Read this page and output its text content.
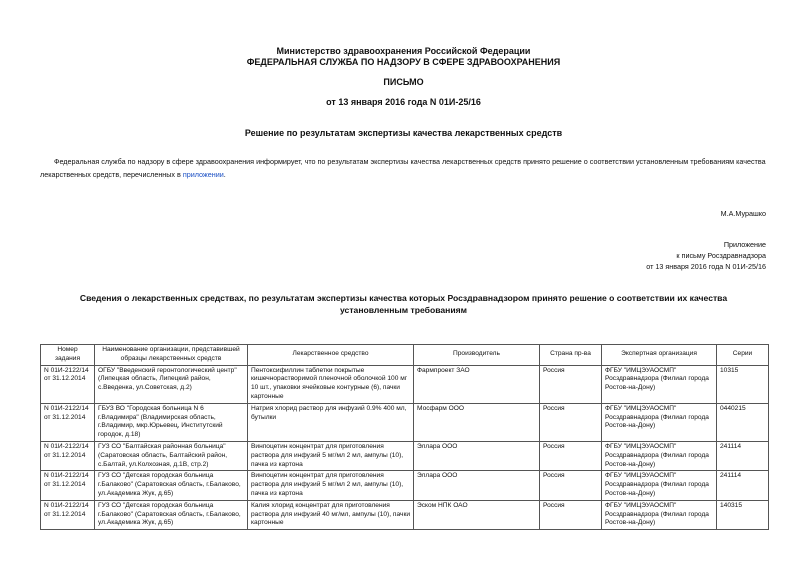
Министерство здравоохранения Российской Федерации
ФЕДЕРАЛЬНАЯ СЛУЖБА ПО НАДЗОРУ В СФЕРЕ ЗДРАВООХРАНЕНИЯ
ПИСЬМО
от 13 января 2016 года N 01И-25/16
Решение по результатам экспертизы качества лекарственных средств
Федеральная служба по надзору в сфере здравоохранения информирует, что по результатам экспертизы качества лекарственных средств принято решение о соответствии установленным требованиям качества лекарственных средств, перечисленных в приложении.
М.А.Мурашко
Приложение
к письму Росздравнадзора
от 13 января 2016 года N 01И-25/16
Сведения о лекарственных средствах, по результатам экспертизы качества которых Росздравнадзором принято решение о соответствии их качества установленным требованиям
Номер задания	Наименование организации, представившей образцы лекарственных средств	Лекарственное средство	Производитель	Страна пр-ва	Экспертная организация	Серии
N 01И-2122/14 от 31.12.2014	ОГБУ "Введенский геронтологический центр" (Липецкая область, Липецкий район, с.Введенка, ул.Советская, д.2)	Пентоксифиллин таблетки покрытые кишечнорастворимой пленочной оболочкой 100 мг 10 шт., упаковки ячейковые контурные (6), пачки картонные	Фармпроект ЗАО	Россия	ФГБУ "ИМЦЭУАОСМП" Росздравнадзора (Филиал города Ростов-на-Дону)	10315
N 01И-2122/14 от 31.12.2014	ГБУЗ ВО "Городская больница N 6 г.Владимира" (Владимирская область, г.Владимир, мкр.Юрьевец, Институтский городок, д.18)	Натрия хлорид раствор для инфузий 0.9% 400 мл, бутылки	Мосфарм ООО	Россия	ФГБУ "ИМЦЭУАОСМП" Росздравнадзора (Филиал города Ростов-на-Дону)	0440215
N 01И-2122/14 от 31.12.2014	ГУЗ СО "Балтайская районная больница" (Саратовская область, Балтайский район, с.Балтай, ул.Колхозная, д.1В, стр.2)	Винпоцетин концентрат для приготовления раствора для инфузий 5 мг/мл 2 мл, ампулы (10), пачка из картона	Эллара ООО	Россия	ФГБУ "ИМЦЭУАОСМП" Росздравнадзора (Филиал города Ростов-на-Дону)	241114
N 01И-2122/14 от 31.12.2014	ГУЗ СО "Детская городская больница г.Балаково" (Саратовская область, г.Балаково, ул.Академика Жук, д.65)	Винпоцетин концентрат для приготовления раствора для инфузий 5 мг/мл 2 мл, ампулы (10), пачка из картона	Эллара ООО	Россия	ФГБУ "ИМЦЭУАОСМП" Росздравнадзора (Филиал города Ростов-на-Дону)	241114
N 01И-2122/14 от 31.12.2014	ГУЗ СО "Детская городская больница г.Балаково" (Саратовская область, г.Балаково, ул.Академика Жук, д.65)	Калия хлорид концентрат для приготовления раствора для инфузий 40 мг/мл, ампулы (10), пачки картонные	Эском НПК ОАО	Россия	ФГБУ "ИМЦЭУАОСМП" Росздравнадзора (Филиал города Ростов-на-Дону)	140315
